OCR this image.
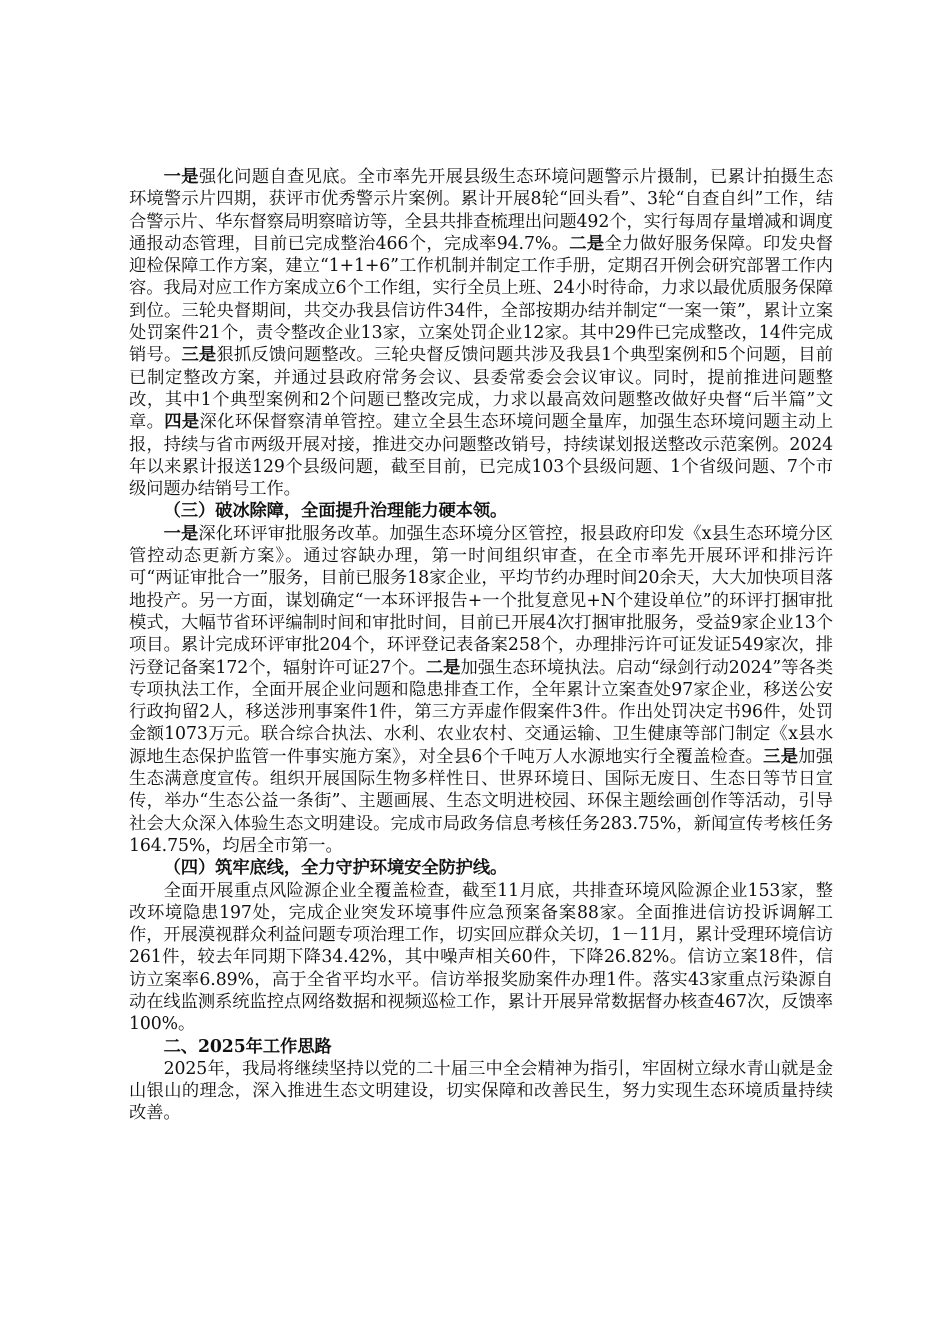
一是强化问题自查见底。全市率先开展县级生态环境问题警示片摄制，已累计拍摄生态环境警示片四期，获评市优秀警示片案例。累计开展8轮“回头看”、3轮“自查自纠”工作，结合警示片、华东督察局明察暗访等，全县共排查梳理出问题492个，实行每周存量增减和调度通报动态管理，目前已完成整治466个，完成率94.7%。二是全力做好服务保障。印发央督迎检保障工作方案，建立“1+1+6”工作机制并制定工作手册，定期召开例会研究部署工作内容。我局对应工作方案成立6个工作组，实行全员上班、24小时待命，力求以最优质服务保障到位。三轮央督期间，共交办我县信访件34件，全部按期办结并制定“一案一策”，累计立案处罚案件21个，责令整改企业13家，立案处罚企业12家。其中29件已完成整改，14件完成销号。三是狠抓反馈问题整改。三轮央督反馈问题共涉及我县1个典型案例和5个问题，目前已制定整改方案，并通过县政府常务会议、县委常委会会议审议。同时，提前推进问题整改，其中1个典型案例和2个问题已整改完成，力求以最高效问题整改做好央督“后半篇”文章。四是深化环保督察清单管控。建立全县生态环境问题全量库，加强生态环境问题主动上报，持续与省市两级开展对接，推进交办问题整改销号，持续谋划报送整改示范案例。2024年以来累计报送129个县级问题，截至目前，已完成103个县级问题、1个省级问题、7个市级问题办结销号工作。

（三）破冰除障，全面提升治理能力硬本领。

一是深化环评审批服务改革。加强生态环境分区管控，报县政府印发《x县生态环境分区管控动态更新方案》。通过容缺办理，第一时间组织审查，在全市率先开展环评和排污许可“两证审批合一”服务，目前已服务18家企业，平均节约办理时间20余天，大大加快项目落地投产。另一方面，谋划确定“一本环评报告+一个批复意见+N个建设单位”的环评打捆审批模式，大幅节省环评编制时间和审批时间，目前已开展4次打捆审批服务，受益9家企业13个项目。累计完成环评审批204个，环评登记表备案258个，办理排污许可证发证549家次，排污登记备案172个，辐射许可证27个。二是加强生态环境执法。启动“绿剑行动2024”等各类专项执法工作，全面开展企业问题和隐患排查工作，全年累计立案查处97家企业，移送公安行政拘留2人，移送涉刑事案件1件，第三方弄虚作假案件3件。作出处罚决定书96件，处罚金额1073万元。联合综合执法、水利、农业农村、交通运输、卫生健康等部门制定《x县水源地生态保护监管一件事实施方案》，对全县6个千吨万人水源地实行全覆盖检查。三是加强生态满意度宣传。组织开展国际生物多样性日、世界环境日、国际无废日、生态日等节日宣传，举办“生态公益一条街”、主题画展、生态文明进校园、环保主题绘画创作等活动，引导社会大众深入体验生态文明建设。完成市局政务信息考核任务283.75%，新闻宣传考核任务164.75%，均居全市第一。

（四）筑牢底线，全力守护环境安全防护线。

全面开展重点风险源企业全覆盖检查，截至11月底，共排查环境风险源企业153家，整改环境隐患197处，完成企业突发环境事件应急预案备案88家。全面推进信访投诉调解工作，开展漠视群众利益问题专项治理工作，切实回应群众关切，1－11月，累计受理环境信访261件，较去年同期下降34.42%，其中噪声相关60件，下降26.82%。信访立案18件，信访立案率6.89%，高于全省平均水平。信访举报奖励案件办理1件。落实43家重点污染源自动在线监测系统监控点网络数据和视频巡检工作，累计开展异常数据督办核查467次，反馈率100%。

二、2025年工作思路

2025年，我局将继续坚持以党的二十届三中全会精神为指引，牢固树立绿水青山就是金山银山的理念，深入推进生态文明建设，切实保障和改善民生，努力实现生态环境质量持续改善。
